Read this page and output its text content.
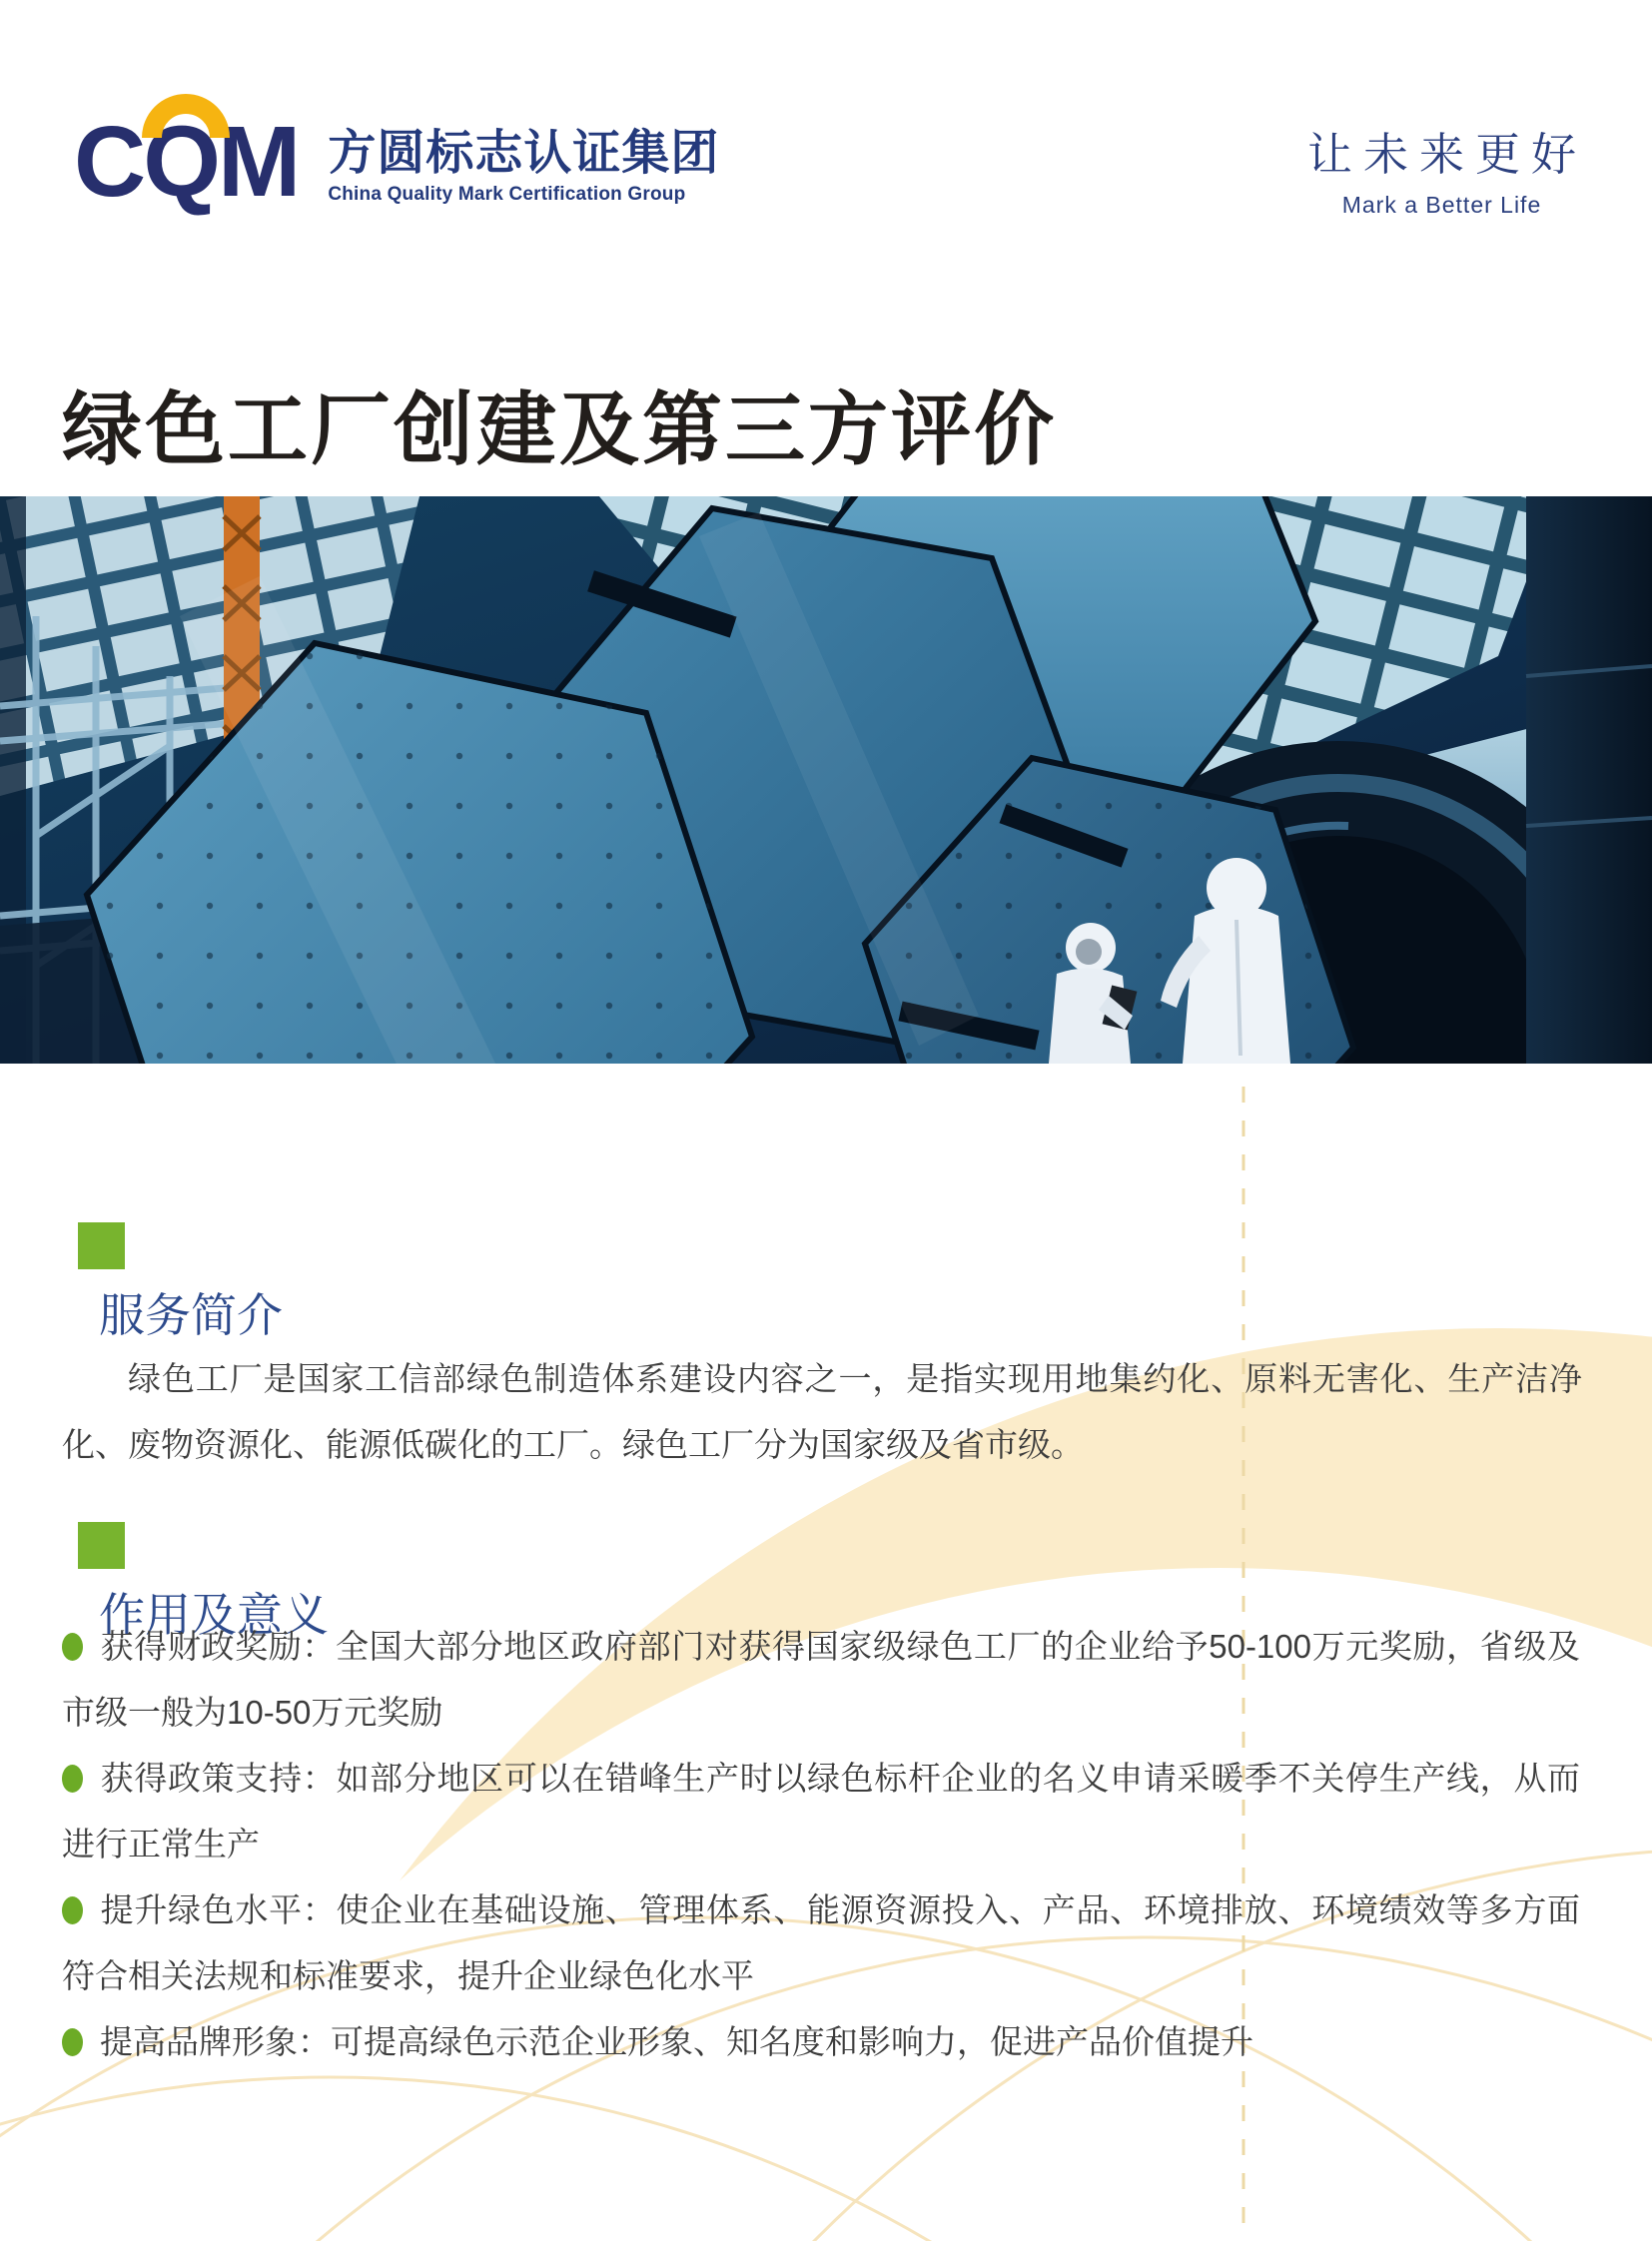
CQM 方圆标志认证集团
China Quality Mark Certification Group
让未来更好
Mark a Better Life
绿色工厂创建及第三方评价
服务简介

绿色工厂是国家工信部绿色制造体系建设内容之一，是指实现用地集约化、原料无害化、生产洁净化、废物资源化、能源低碳化的工厂。绿色工厂分为国家级及省市级。

作用及意义

获得财政奖励：全国大部分地区政府部门对获得国家级绿色工厂的企业给予50-100万元奖励，省级及市级一般为10-50万元奖励

获得政策支持：如部分地区可以在错峰生产时以绿色标杆企业的名义申请采暖季不关停生产线，从而进行正常生产

提升绿色水平：使企业在基础设施、管理体系、能源资源投入、产品、环境排放、环境绩效等多方面符合相关法规和标准要求，提升企业绿色化水平

提高品牌形象：可提高绿色示范企业形象、知名度和影响力，促进产品价值提升
